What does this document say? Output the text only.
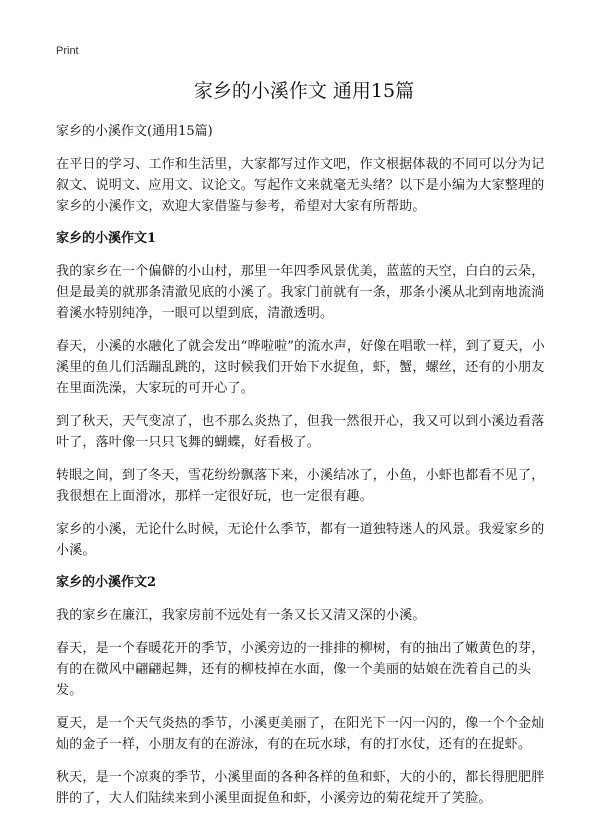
Print
家乡的小溪作文 通用15篇
家乡的小溪作文(通用15篇)

在平日的学习、工作和生活里，大家都写过作文吧，作文根据体裁的不同可以分为记叙文、说明文、应用文、议论文。写起作文来就毫无头绪？以下是小编为大家整理的家乡的小溪作文，欢迎大家借鉴与参考，希望对大家有所帮助。

家乡的小溪作文1

我的家乡在一个偏僻的小山村，那里一年四季风景优美，蓝蓝的天空，白白的云朵，但是最美的就那条清澈见底的小溪了。我家门前就有一条，那条小溪从北到南地流淌着溪水特别纯净，一眼可以望到底，清澈透明。

春天，小溪的水融化了就会发出“哗啦啦”的流水声，好像在唱歌一样，到了夏天，小溪里的鱼儿们活蹦乱跳的，这时候我们开始下水捉鱼，虾，蟹，螺丝，还有的小朋友在里面洗澡，大家玩的可开心了。

到了秋天，天气变凉了，也不那么炎热了，但我一然很开心，我又可以到小溪边看落叶了，落叶像一只只飞舞的蝴蝶，好看极了。

转眼之间，到了冬天，雪花纷纷飘落下来，小溪结冰了，小鱼，小虾也都看不见了，我很想在上面滑冰，那样一定很好玩，也一定很有趣。

家乡的小溪，无论什么时候，无论什么季节，都有一道独特迷人的风景。我爱家乡的小溪。

家乡的小溪作文2

我的家乡在廉江，我家房前不远处有一条又长又清又深的小溪。

春天，是一个春暖花开的季节，小溪旁边的一排排的柳树，有的抽出了嫩黄色的芽，有的在微风中翩翩起舞，还有的柳枝掉在水面，像一个美丽的姑娘在洗着自己的头发。

夏天，是一个天气炎热的季节，小溪更美丽了，在阳光下一闪一闪的，像一个个金灿灿的金子一样，小朋友有的在游泳，有的在玩水球，有的打水仗，还有的在捉虾。

秋天，是一个凉爽的季节，小溪里面的各种各样的鱼和虾，大的小的，都长得肥肥胖胖的了，大人们陆续来到小溪里面捉鱼和虾，小溪旁边的菊花绽开了笑脸。
